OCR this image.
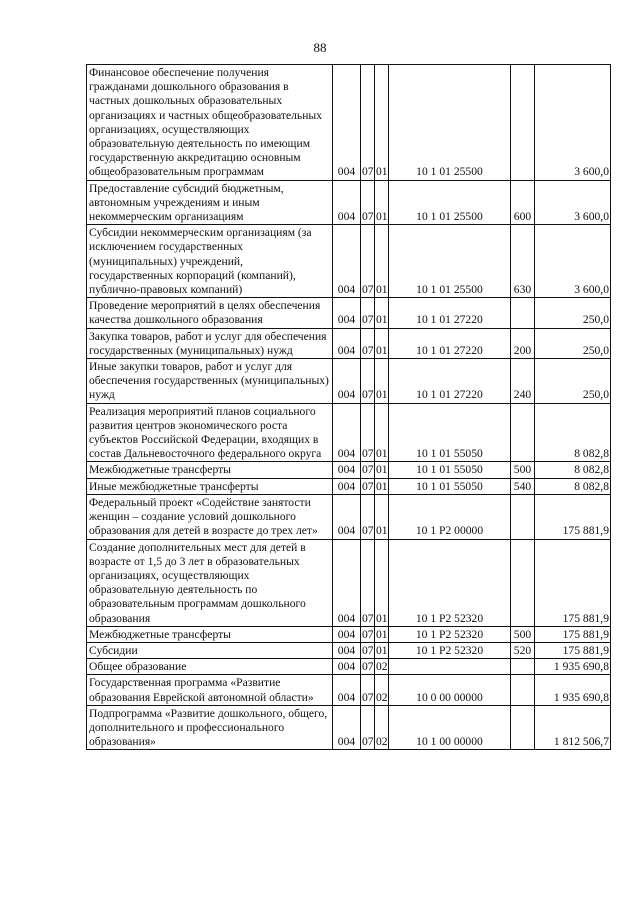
88
Финансовое обеспечение получения гражданами дошкольного образования в частных дошкольных образовательных организациях и частных общеобразовательных организациях, осуществляющих образовательную деятельность по имеющим государственную аккредитацию основным общеобразовательным программам	004	07	01	10 1 01 25500		3 600,0
Предоставление субсидий бюджетным, автономным учреждениям и иным некоммерческим организациям	004	07	01	10 1 01 25500	600	3 600,0
Субсидии некоммерческим организациям (за исключением государственных (муниципальных) учреждений, государственных корпораций (компаний), публично-правовых компаний)	004	07	01	10 1 01 25500	630	3 600,0
Проведение мероприятий в целях обеспечения качества дошкольного образования	004	07	01	10 1 01 27220		250,0
Закупка товаров, работ и услуг для обеспечения государственных (муниципальных) нужд	004	07	01	10 1 01 27220	200	250,0
Иные закупки товаров, работ и услуг для обеспечения государственных (муниципальных) нужд	004	07	01	10 1 01 27220	240	250,0
Реализация мероприятий планов социального развития центров экономического роста субъектов Российской Федерации, входящих в состав Дальневосточного федерального округа	004	07	01	10 1 01 55050		8 082,8
Межбюджетные трансферты	004	07	01	10 1 01 55050	500	8 082,8
Иные межбюджетные трансферты	004	07	01	10 1 01 55050	540	8 082,8
Федеральный проект «Содействие занятости женщин – создание условий дошкольного образования для детей в возрасте до трех лет»	004	07	01	10 1 P2 00000		175 881,9
Создание дополнительных мест для детей в возрасте от 1,5 до 3 лет в образовательных организациях, осуществляющих образовательную деятельность по образовательным программам дошкольного образования	004	07	01	10 1 P2 52320		175 881,9
Межбюджетные трансферты	004	07	01	10 1 P2 52320	500	175 881,9
Субсидии	004	07	01	10 1 P2 52320	520	175 881,9
Общее образование	004	07	02			1 935 690,8
Государственная программа «Развитие образования Еврейской автономной области»	004	07	02	10 0 00 00000		1 935 690,8
Подпрограмма «Развитие дошкольного, общего, дополнительного и профессионального образования»	004	07	02	10 1 00 00000		1 812 506,7
